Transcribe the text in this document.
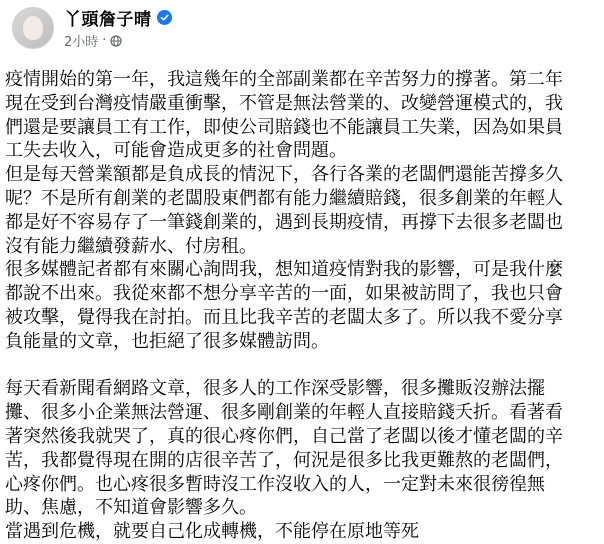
丫頭詹子晴
2小時 ·

疫情開始的第一年，我這幾年的全部副業都在辛苦努力的撐著。第二年
現在受到台灣疫情嚴重衝擊，不管是無法營業的、改變營運模式的，我
們還是要讓員工有工作，即使公司賠錢也不能讓員工失業，因為如果員
工失去收入，可能會造成更多的社會問題。
但是每天營業額都是負成長的情況下，各行各業的老闆們還能苦撐多久
呢？不是所有創業的老闆股東們都有能力繼續賠錢，很多創業的年輕人
都是好不容易存了一筆錢創業的，遇到長期疫情，再撐下去很多老闆也
沒有能力繼續發薪水、付房租。
很多媒體記者都有來關心詢問我，想知道疫情對我的影響，可是我什麼
都說不出來。我從來都不想分享辛苦的一面，如果被訪問了，我也只會
被攻擊，覺得我在討拍。而且比我辛苦的老闆太多了。所以我不愛分享
負能量的文章，也拒絕了很多媒體訪問。

每天看新聞看網路文章，很多人的工作深受影響，很多攤販沒辦法擺
攤、很多小企業無法營運、很多剛創業的年輕人直接賠錢夭折。看著看
著突然後我就哭了，真的很心疼你們，自己當了老闆以後才懂老闆的辛
苦，我都覺得現在開的店很辛苦了，何況是很多比我更難熬的老闆們，
心疼你們。也心疼很多暫時沒工作沒收入的人，一定對未來很徬徨無
助、焦慮，不知道會影響多久。
當遇到危機，就要自己化成轉機，不能停在原地等死
